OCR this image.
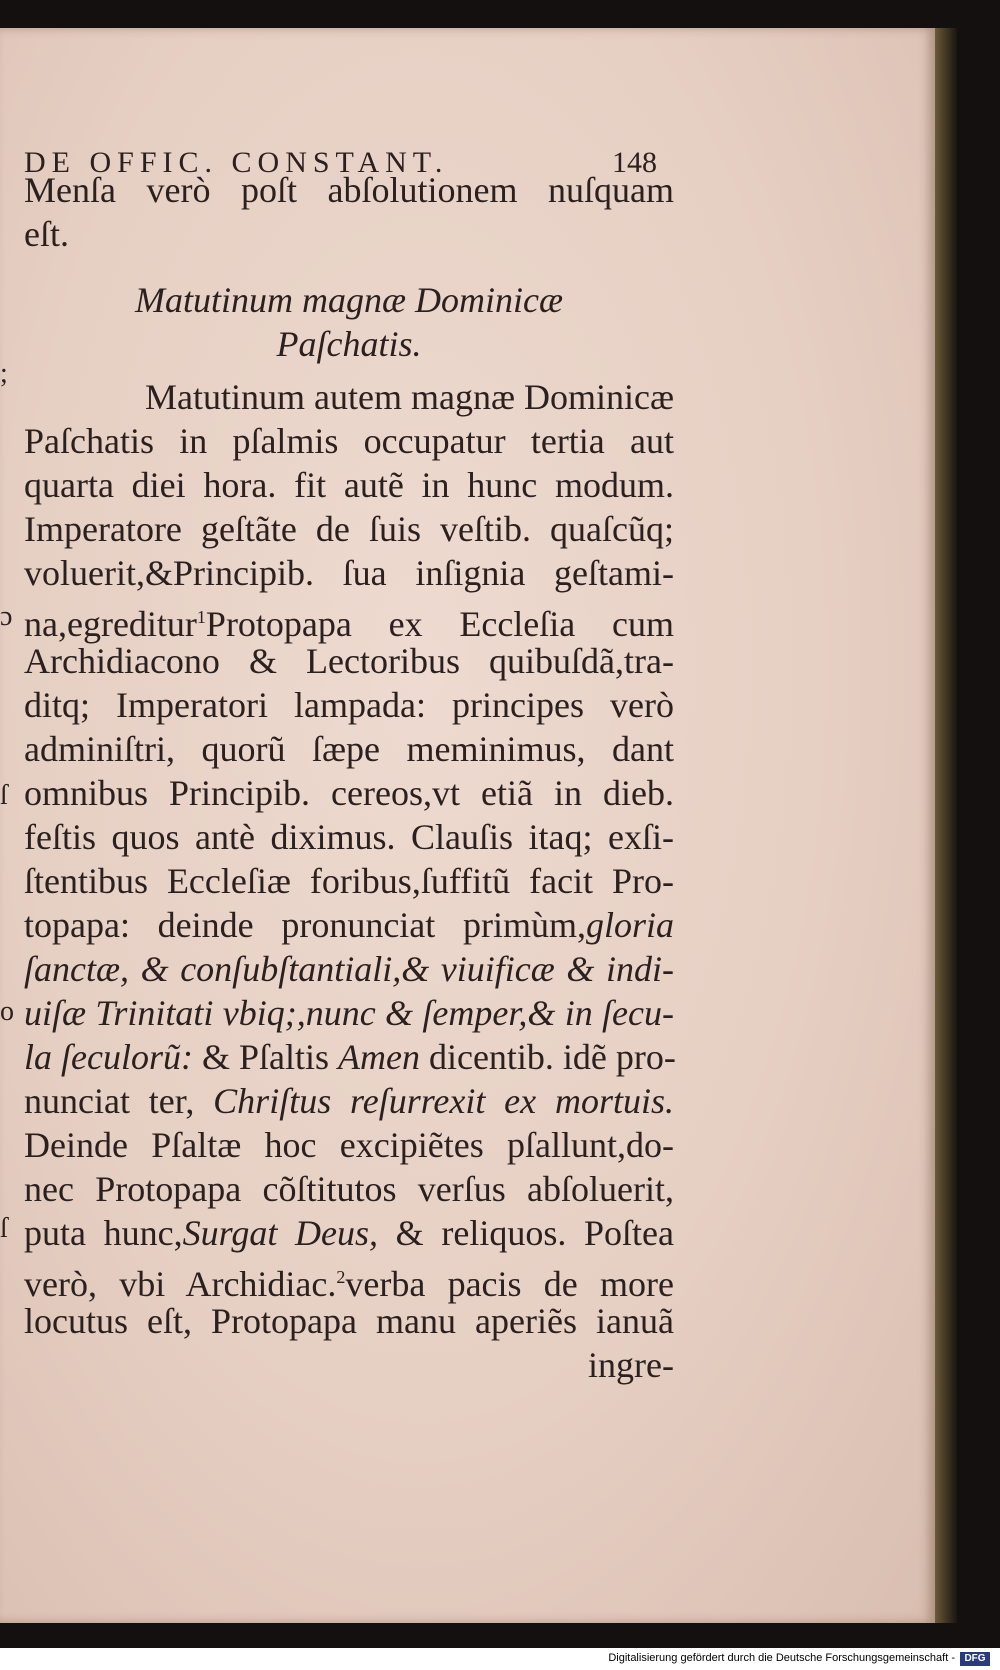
DE OFFIC. CONSTANT.	148
Menſa verò poſt abſolutionem nuſquam
eſt.
Matutinum magnæ Dominicæ
Paſchatis.
Matutinum autem magnæ Dominicæ
Paſchatis in pſalmis occupatur tertia aut
quarta diei hora. fit autẽ in hunc modum.
Imperatore geſtãte de ſuis veſtib. quaſcũq;
voluerit,&Principib. ſua inſignia geſtami-
na,egreditur$^1$Protopapa ex Eccleſia cum
Archidiacono & Lectoribus quibuſdã,tra-
ditq; Imperatori lampada: principes verò
adminiſtri, quorũ ſæpe meminimus, dant
omnibus Principib. cereos,vt etiã in dieb.
feſtis quos antè diximus. Clauſis itaq; exſi-
ſtentibus Eccleſiæ foribus,ſuffitũ facit Pro-
topapa: deinde pronunciat primùm,gloria
ſanctæ, & conſubſtantiali,& viuificæ & indi-
uiſæ Trinitati vbiq;,nunc & ſemper,& in ſecu-
la ſeculorũ: & Pſaltis Amen dicentib. idẽ pro-
nunciat ter, Chriſtus reſurrexit ex mortuis.
Deinde Pſaltæ hoc excipiẽtes pſallunt,do-
nec Protopapa cõſtitutos verſus abſoluerit,
puta hunc,Surgat Deus, & reliquos. Poſtea
verò, vbi Archidiac.$^2$verba pacis de more
locutus eſt, Protopapa manu aperiẽs ianuã
ingre-
;
ɔ
ſ
o
ſ
Digitalisierung gefördert durch die Deutsche Forschungsgemeinschaft - DFG
